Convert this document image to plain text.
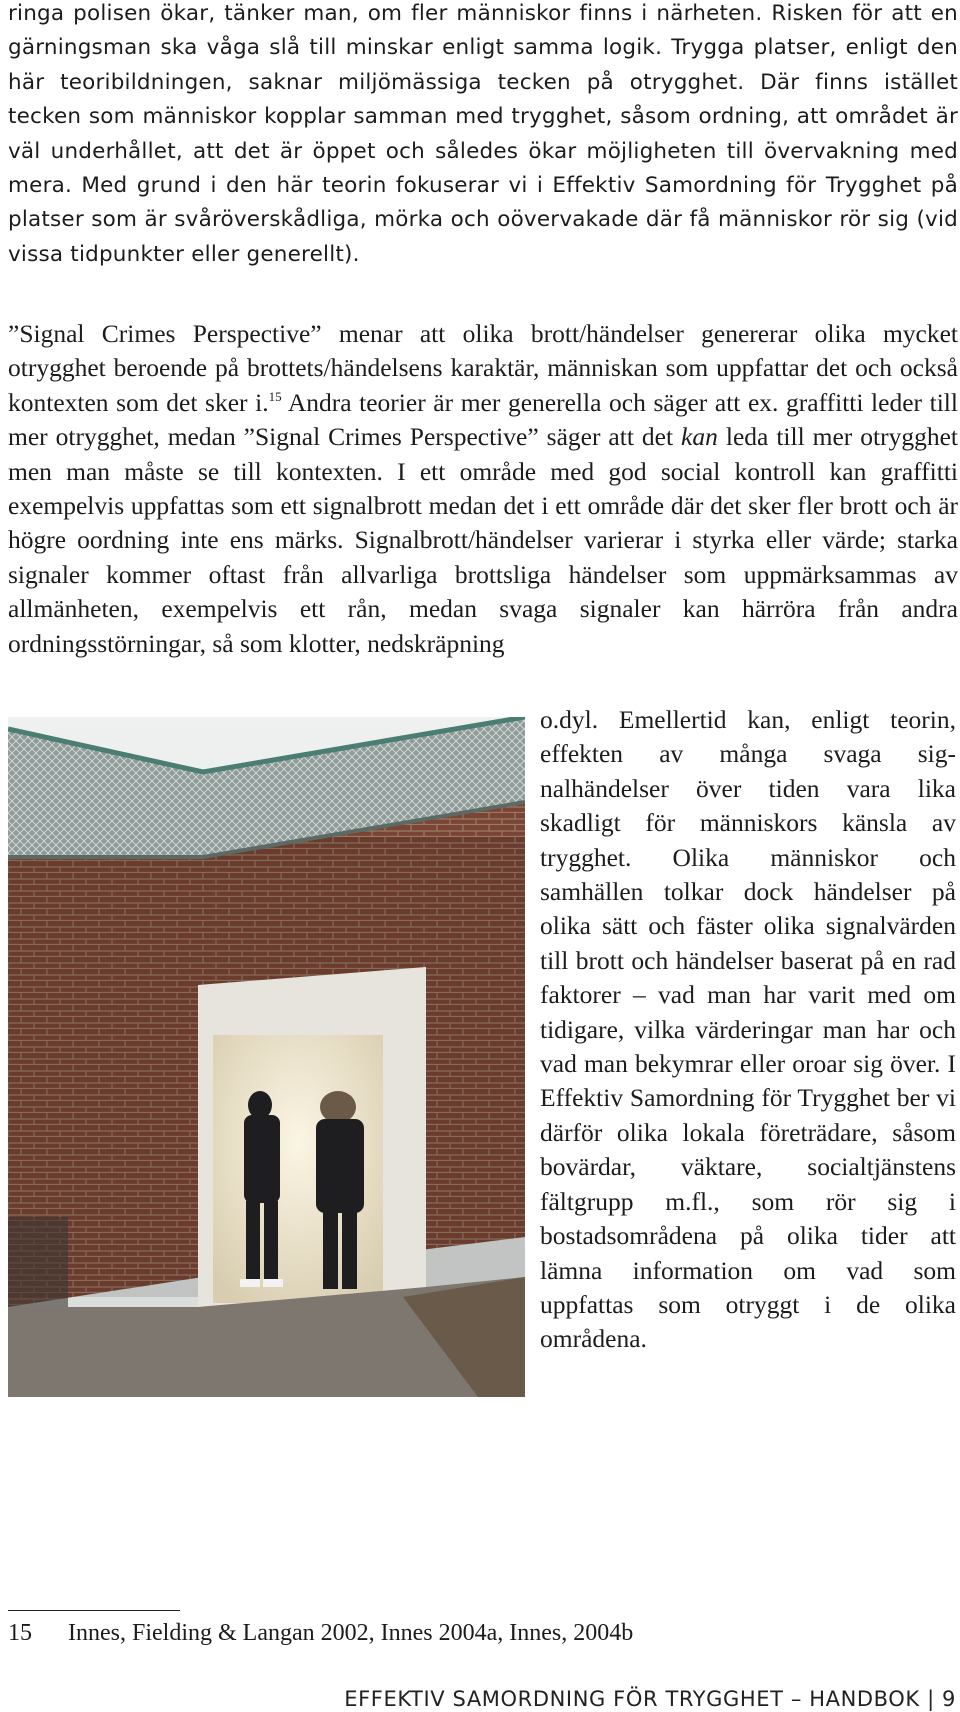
ringa polisen ökar, tänker man, om fler människor finns i närheten. Risken för att en gärningsman ska våga slå till minskar enligt samma logik. Trygga platser, enligt den här teoribildningen, saknar miljömässiga tecken på otrygghet. Där finns istället tecken som människor kopplar samman med trygghet, såsom ordning, att området är väl underhållet, att det är öppet och således ökar möjligheten till övervakning med mera. Med grund i den här teorin fokuserar vi i Effektiv Samordning för Trygghet på platser som är svåröverskådliga, mörka och oövervakade där få människor rör sig (vid vissa tidpunkter eller generellt).

”Signal Crimes Perspective” menar att olika brott/händelser genererar olika mycket otrygghet beroende på brottets/händelsens karaktär, människan som uppfattar det och också kontexten som det sker i.$^{15}$ Andra teorier är mer generella och säger att ex. graffitti leder till mer otrygghet, medan ”Signal Crimes Perspective” säger att det kan leda till mer otrygghet men man måste se till kontexten. I ett område med god social kontroll kan graffitti exempelvis uppfattas som ett signalbrott medan det i ett område där det sker fler brott och är högre oordning inte ens märks. Signalbrott/händelser varierar i styrka eller värde; starka signaler kommer oftast från allvarliga brottsliga händelser som uppmärksammas av allmänheten, exempelvis ett rån, medan svaga signaler kan härröra från andra ordningsstörningar, så som klotter, nedskräpning

o.dyl. Emellertid kan, enligt teorin, effekten av många svaga signalhändelser över tiden vara lika skadligt för människors känsla av trygghet. Olika människor och samhällen tolkar dock händelser på olika sätt och fäster olika signalvärden till brott och händelser baserat på en rad faktorer – vad man har varit med om tidigare, vilka värderingar man har och vad man bekymrar eller oroar sig över. I Effektiv Samordning för Trygghet ber vi därför olika lokala företrädare, såsom bovärdar, väktare, socialtjänstens fältgrupp m.fl., som rör sig i bostadsområdena på olika tider att lämna information om vad som uppfattas som otryggt i de olika områdena.

15 Innes, Fielding & Langan 2002, Innes 2004a, Innes, 2004b
EFFEKTIV SAMORDNING FÖR TRYGGHET – HANDBOK | 9
